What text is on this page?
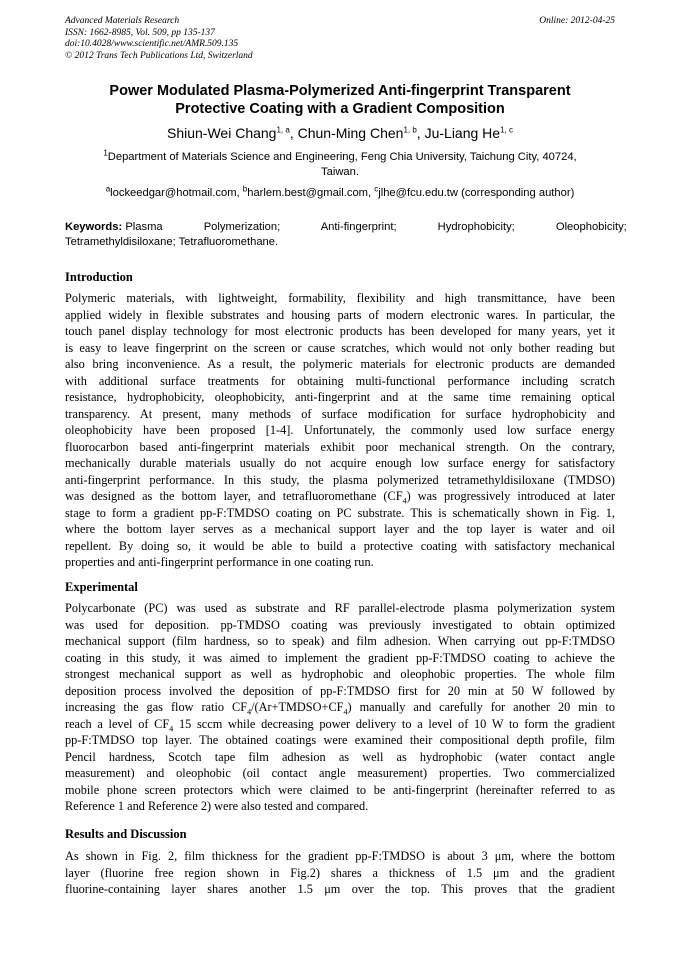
Advanced Materials Research
ISSN: 1662-8985, Vol. 509, pp 135-137
doi:10.4028/www.scientific.net/AMR.509.135
© 2012 Trans Tech Publications Ltd, Switzerland
Online: 2012-04-25
Power Modulated Plasma-Polymerized Anti-fingerprint Transparent
Protective Coating with a Gradient Composition
Shiun-Wei Chang$^{1, a}$, Chun-Ming Chen$^{1, b}$, Ju-Liang He$^{1, c}$
$^1$Department of Materials Science and Engineering, Feng Chia University, Taichung City, 40724,
Taiwan.
$^a$lockeedgar@hotmail.com, $^b$harlem.best@gmail.com, $^c$jlhe@fcu.edu.tw (corresponding author)
Keywords: Plasma Polymerization; Anti-fingerprint; Hydrophobicity; Oleophobicity;
Tetramethyldisiloxane; Tetrafluoromethane.
Introduction
Polymeric materials, with lightweight, formability, flexibility and high transmittance, have been
applied widely in flexible substrates and housing parts of modern electronic wares. In particular, the
touch panel display technology for most electronic products has been developed for many years, yet it
is easy to leave fingerprint on the screen or cause scratches, which would not only bother reading but
also bring inconvenience. As a result, the polymeric materials for electronic products are demanded
with additional surface treatments for obtaining multi-functional performance including scratch
resistance, hydrophobicity, oleophobicity, anti-fingerprint and at the same time remaining optical
transparency. At present, many methods of surface modification for surface hydrophobicity and
oleophobicity have been proposed [1-4]. Unfortunately, the commonly used low surface energy
fluorocarbon based anti-fingerprint materials exhibit poor mechanical strength. On the contrary,
mechanically durable materials usually do not acquire enough low surface energy for satisfactory
anti-fingerprint performance. In this study, the plasma polymerized tetramethyldisiloxane (TMDSO)
was designed as the bottom layer, and tetrafluoromethane $(CF_4)$ was progressively introduced at later
stage to form a gradient pp-F:TMDSO coating on PC substrate. This is schematically shown in Fig. 1,
where the bottom layer serves as a mechanical support layer and the top layer is water and oil
repellent. By doing so, it would be able to build a protective coating with satisfactory mechanical
properties and anti-fingerprint performance in one coating run.
Experimental
Polycarbonate (PC) was used as substrate and RF parallel-electrode plasma polymerization system
was used for deposition. pp-TMDSO coating was previously investigated to obtain optimized
mechanical support (film hardness, so to speak) and film adhesion. When carrying out pp-F:TMDSO
coating in this study, it was aimed to implement the gradient pp-F:TMDSO coating to achieve the
strongest mechanical support as well as hydrophobic and oleophobic properties. The whole film
deposition process involved the deposition of pp-F:TMDSO first for 20 min at 50 W followed by
increasing the gas flow ratio $CF_4/(Ar+TMDSO+CF_4)$ manually and carefully for another 20 min to
reach a level of $CF_4$ 15 sccm while decreasing power delivery to a level of 10 W to form the gradient
pp-F:TMDSO top layer. The obtained coatings were examined their compositional depth profile, film
Pencil hardness, Scotch tape film adhesion as well as hydrophobic (water contact angle
measurement) and oleophobic (oil contact angle measurement) properties. Two commercialized
mobile phone screen protectors which were claimed to be anti-fingerprint (hereinafter referred to as
Reference 1 and Reference 2) were also tested and compared.
Results and Discussion
As shown in Fig. 2, film thickness for the gradient pp-F:TMDSO is about 3 μm, where the bottom
layer (fluorine free region shown in Fig.2) shares a thickness of 1.5 μm and the gradient
fluorine-containing layer shares another 1.5 μm over the top. This proves that the gradient
